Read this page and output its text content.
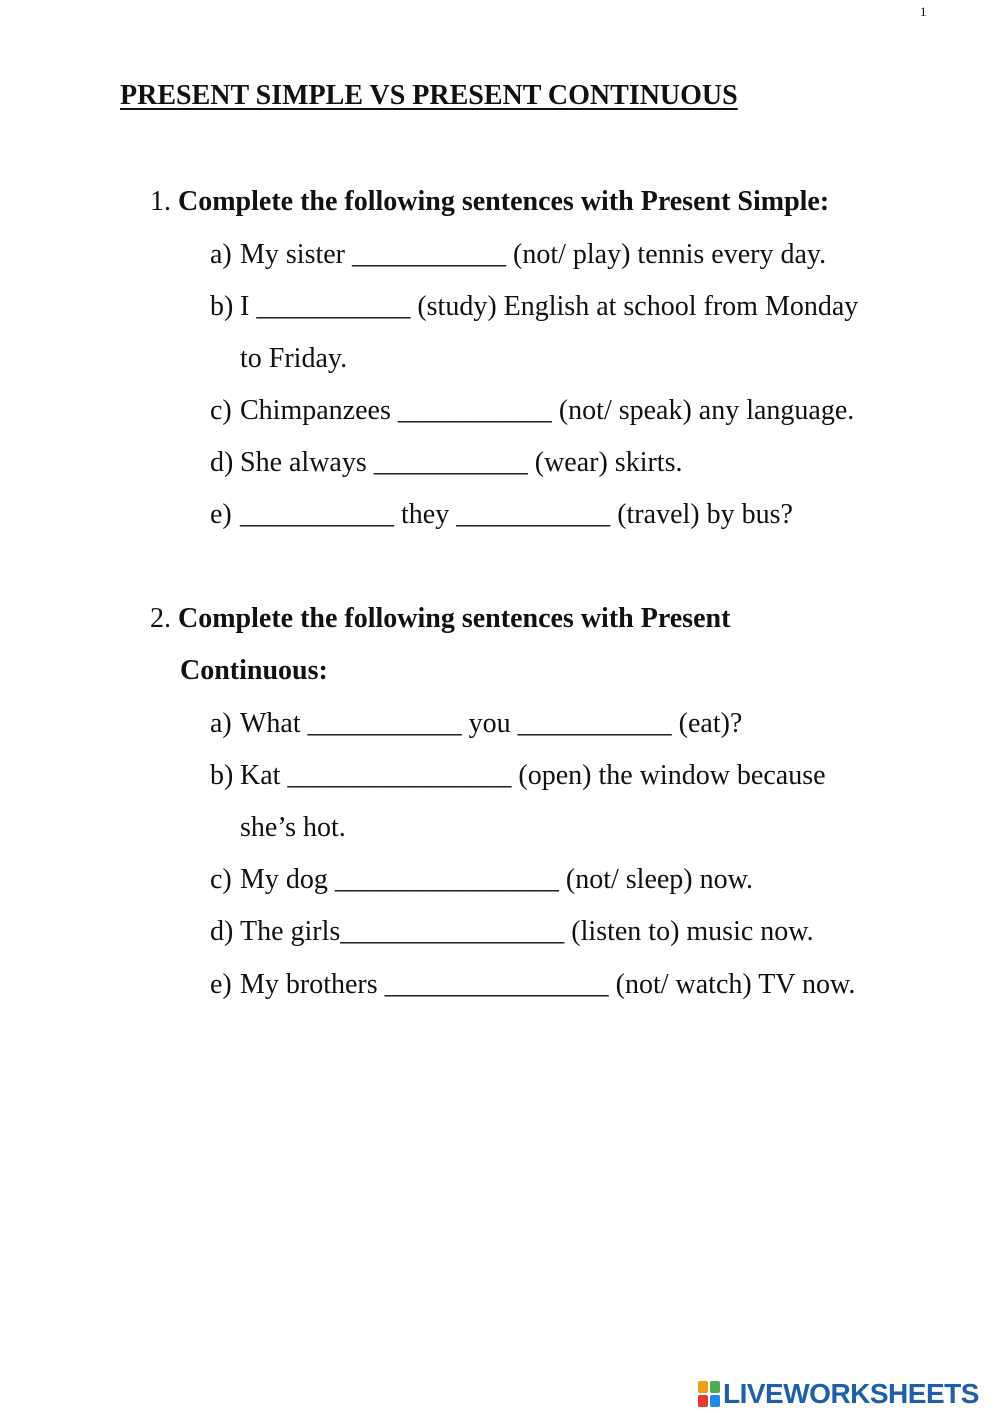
1
PRESENT SIMPLE VS PRESENT CONTINUOUS
1. Complete the following sentences with Present Simple:
a) My sister ___________ (not/ play) tennis every day.
b) I ___________ (study) English at school from Monday
to Friday.
c) Chimpanzees ___________ (not/ speak) any language.
d) She always ___________ (wear) skirts.
e) ___________ they ___________ (travel) by bus?
2. Complete the following sentences with Present
Continuous:
a) What ___________ you ___________ (eat)?
b) Kat ________________ (open) the window because
she’s hot.
c) My dog ________________ (not/ sleep) now.
d) The girls________________ (listen to) music now.
e) My brothers ________________ (not/ watch) TV now.
LIVEWORKSHEETS
